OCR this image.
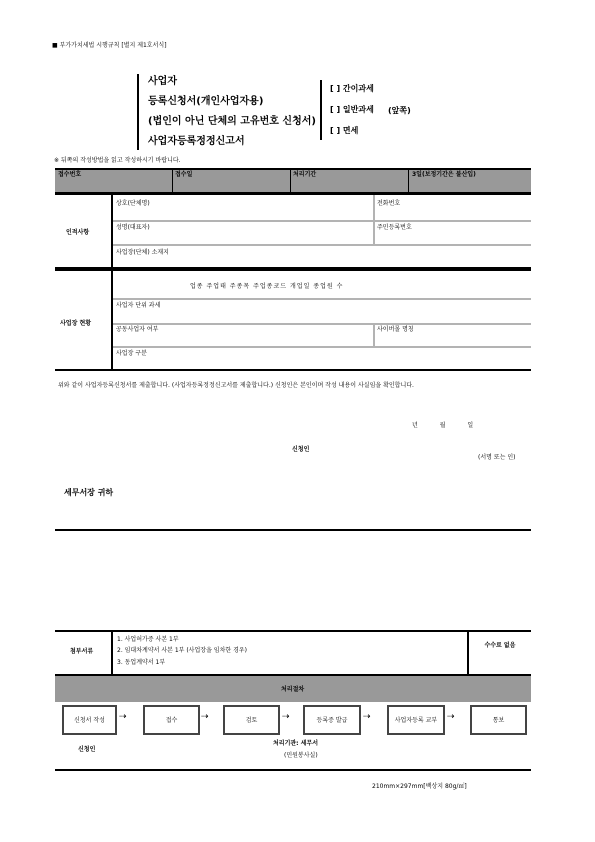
■ 부가가치세법 시행규칙 [별지 제1호서식]
사업자
등록신청서(개인사업자용)
(법인이 아닌 단체의 고유번호 신청서)
사업자등록정정신고서
[ ] 간이과세
[ ] 일반과세
[ ] 면세
(앞쪽)
※ 뒤쪽의 작성방법을 읽고 작성하시기 바랍니다.
접수번호	접수일	처리기간	3일(보정기간은 불산입)
인적사항
상호(단체명)	전화번호
성명(대표자)	주민등록번호
사업장(단체) 소재지
사업장 현황
업종 주업태 주종목 주업종코드 개업일 종업원 수
사업자 단위 과세
공동사업자 여부	사이버몰 명칭
사업장 구분
위와 같이 사업자등록신청서를 제출합니다. (사업자등록정정신고서를 제출합니다.) 신청인은 본인이며 작성 내용이 사실임을 확인합니다.
년 월 일
신청인
(서명 또는 인)
세무서장 귀하
첨부서류
1. 사업허가증 사본 1부
2. 임대차계약서 사본 1부 (사업장을 임차한 경우)
3. 동업계약서 1부
수수료 없음
처리절차
신청서 작성	⇢	접수	⇢	검토	⇢	등록증 발급	⇢	사업자등록 교부	⇢	통보
신청인
처리기관: 세무서
(민원봉사실)
210mm×297mm[백상지 80g/㎡]
